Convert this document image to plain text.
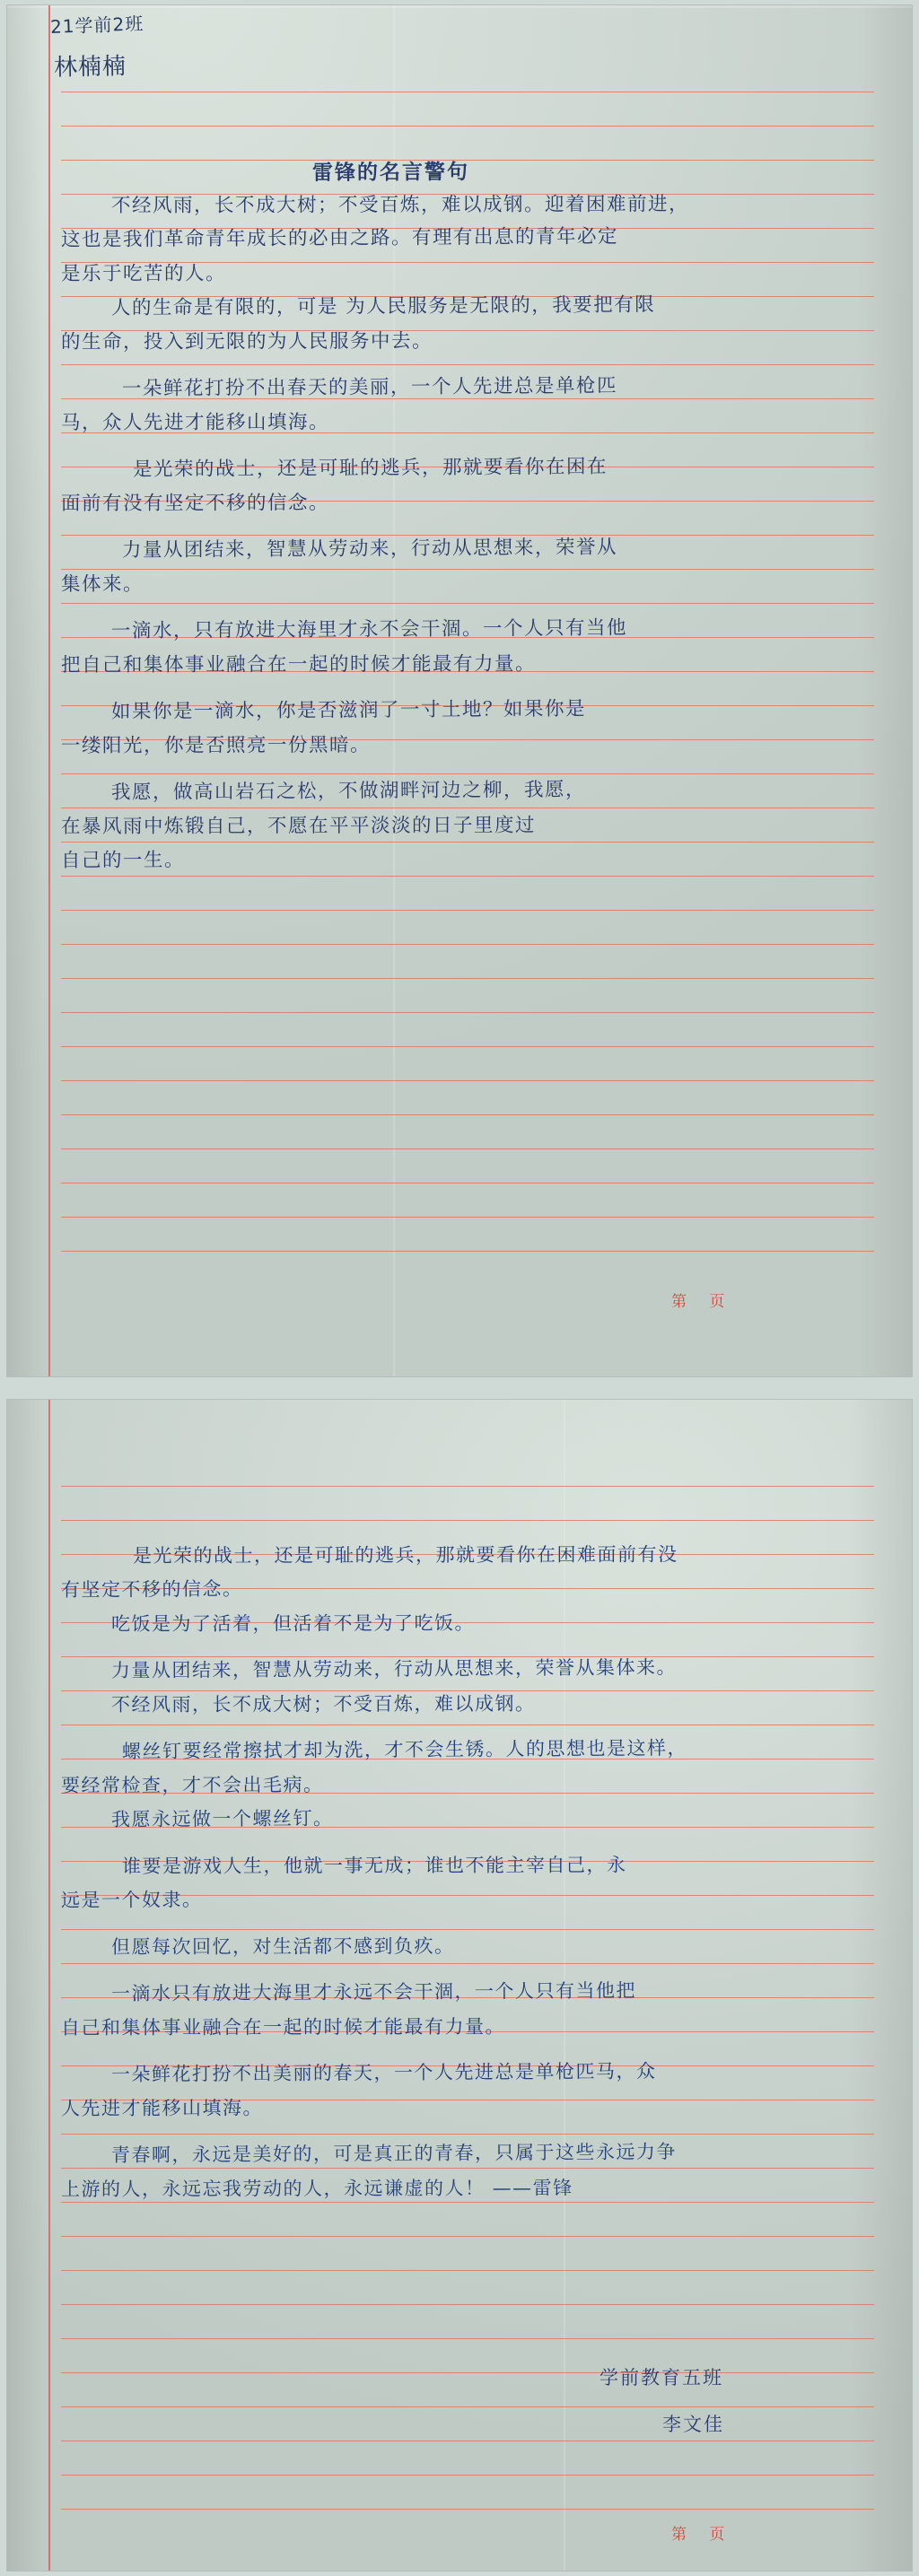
21学前2班
林楠楠
雷锋的名言警句
不经风雨，长不成大树；不受百炼，难以成钢。迎着困难前进，
这也是我们革命青年成长的必由之路。有理有出息的青年必定
是乐于吃苦的人。
人的生命是有限的，可是 为人民服务是无限的，我要把有限
的生命，投入到无限的为人民服务中去。
一朵鲜花打扮不出春天的美丽，一个人先进总是单枪匹
马，众人先进才能移山填海。
是光荣的战士，还是可耻的逃兵，那就要看你在困在
面前有没有坚定不移的信念。
力量从团结来，智慧从劳动来，行动从思想来，荣誉从
集体来。
一滴水，只有放进大海里才永不会干涸。一个人只有当他
把自己和集体事业融合在一起的时候才能最有力量。
如果你是一滴水，你是否滋润了一寸土地？如果你是
一缕阳光，你是否照亮一份黑暗。
我愿，做高山岩石之松，不做湖畔河边之柳，我愿，
在暴风雨中炼锻自己，不愿在平平淡淡的日子里度过
自己的一生。
第 页
是光荣的战士，还是可耻的逃兵，那就要看你在困难面前有没
有坚定不移的信念。
吃饭是为了活着，但活着不是为了吃饭。
力量从团结来，智慧从劳动来，行动从思想来，荣誉从集体来。
不经风雨，长不成大树；不受百炼，难以成钢。
螺丝钉要经常擦拭才却为洗，才不会生锈。人的思想也是这样，
要经常检查，才不会出毛病。
我愿永远做一个螺丝钉。
谁要是游戏人生，他就一事无成；谁也不能主宰自己，永
远是一个奴隶。
但愿每次回忆，对生活都不感到负疚。
一滴水只有放进大海里才永远不会干涸，一个人只有当他把
自己和集体事业融合在一起的时候才能最有力量。
一朵鲜花打扮不出美丽的春天，一个人先进总是单枪匹马，众
人先进才能移山填海。
青春啊，永远是美好的，可是真正的青春，只属于这些永远力争
上游的人，永远忘我劳动的人，永远谦虚的人！ ——雷锋
学前教育五班
李文佳
第 页
